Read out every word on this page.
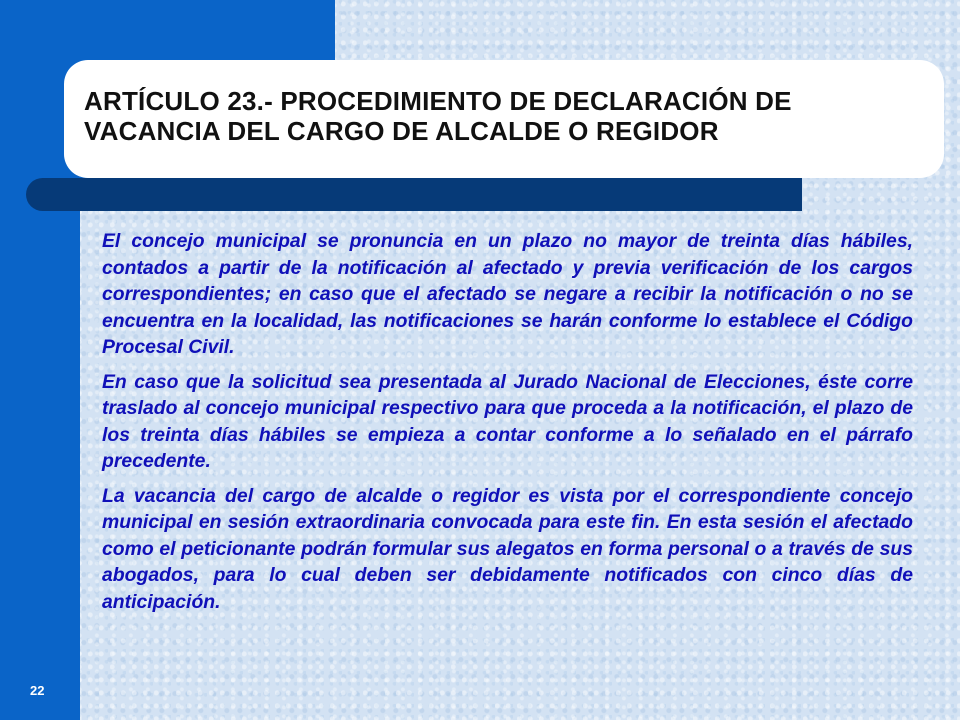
ARTÍCULO 23.- PROCEDIMIENTO DE DECLARACIÓN DE VACANCIA DEL CARGO DE ALCALDE O REGIDOR

El concejo municipal se pronuncia en un plazo no mayor de treinta días hábiles, contados a partir de la notificación al afectado y previa verificación de los cargos correspondientes; en caso que el afectado se negare a recibir la notificación o no se encuentra en la localidad, las notificaciones se harán conforme lo establece el Código Procesal Civil.

En caso que la solicitud sea presentada al Jurado Nacional de Elecciones, éste corre traslado al concejo municipal respectivo para que proceda a la notificación, el plazo de los treinta días hábiles se empieza a contar conforme a lo señalado en el párrafo precedente.

La vacancia del cargo de alcalde o regidor es vista por el correspondiente concejo municipal en sesión extraordinaria convocada para este fin. En esta sesión el afectado como el peticionante podrán formular sus alegatos en forma personal o a través de sus abogados, para lo cual deben ser debidamente notificados con cinco días de anticipación.

22
